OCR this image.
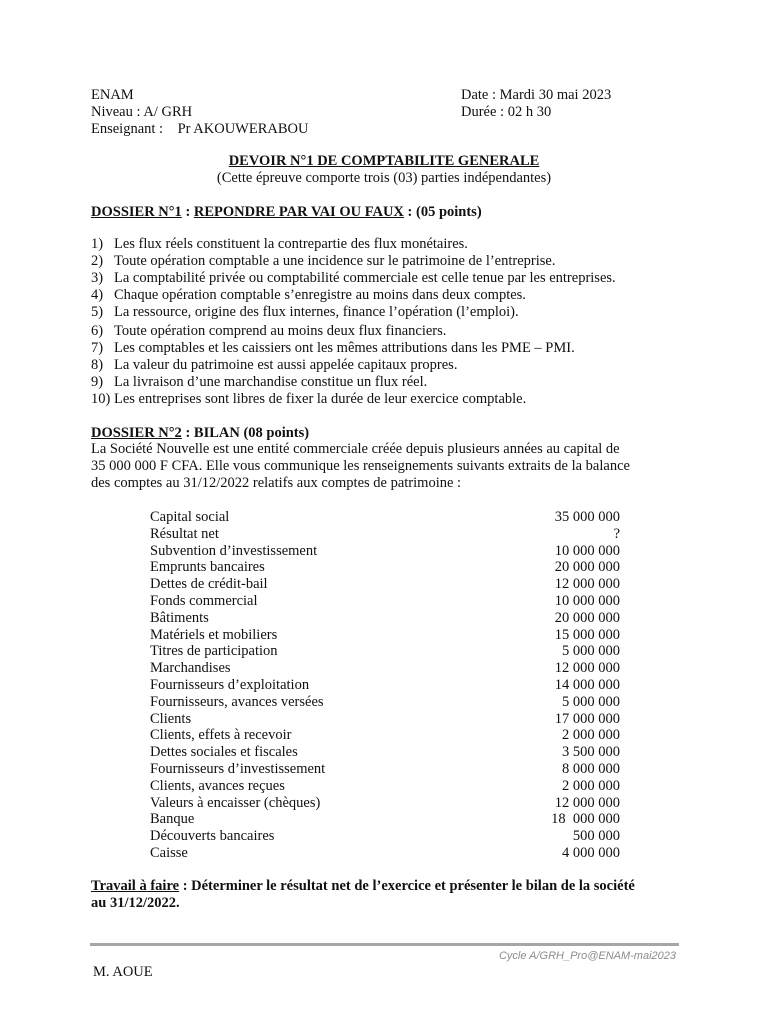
ENAM
Niveau : A/ GRH
Enseignant :    Pr AKOUWERABOU
Date : Mardi 30 mai 2023
Durée : 02 h 30
DEVOIR N°1 DE COMPTABILITE GENERALE
(Cette épreuve comporte trois (03) parties indépendantes)
DOSSIER N°1 : REPONDRE PAR VAI OU FAUX : (05 points)
1) Les flux réels constituent la contrepartie des flux monétaires.
2) Toute opération comptable a une incidence sur le patrimoine de l’entreprise.
3) La comptabilité privée ou comptabilité commerciale est celle tenue par les entreprises.
4) Chaque opération comptable s’enregistre au moins dans deux comptes.
5) La ressource, origine des flux internes, finance l’opération (l’emploi).
6) Toute opération comprend au moins deux flux financiers.
7) Les comptables et les caissiers ont les mêmes attributions dans les PME – PMI.
8) La valeur du patrimoine est aussi appelée capitaux propres.
9) La livraison d’une marchandise constitue un flux réel.
10) Les entreprises sont libres de fixer la durée de leur exercice comptable.
DOSSIER N°2 : BILAN (08 points)
La Société Nouvelle est une entité commerciale créée depuis plusieurs années au capital de
35 000 000 F CFA. Elle vous communique les renseignements suivants extraits de la balance
des comptes au 31/12/2022 relatifs aux comptes de patrimoine :
Capital social	35 000 000
Résultat net	?
Subvention d’investissement	10 000 000
Emprunts bancaires	20 000 000
Dettes de crédit-bail	12 000 000
Fonds commercial	10 000 000
Bâtiments	20 000 000
Matériels et mobiliers	15 000 000
Titres de participation	5 000 000
Marchandises	12 000 000
Fournisseurs d’exploitation	14 000 000
Fournisseurs, avances versées	5 000 000
Clients	17 000 000
Clients, effets à recevoir	2 000 000
Dettes sociales et fiscales	3 500 000
Fournisseurs d’investissement	8 000 000
Clients, avances reçues	2 000 000
Valeurs à encaisser (chèques)	12 000 000
Banque	18  000 000
Découverts bancaires	500 000
Caisse	4 000 000
Travail à faire : Déterminer le résultat net de l’exercice et présenter le bilan de la société
au 31/12/2022.
Cycle A/GRH_Pro@ENAM-mai2023
M. AOUE
